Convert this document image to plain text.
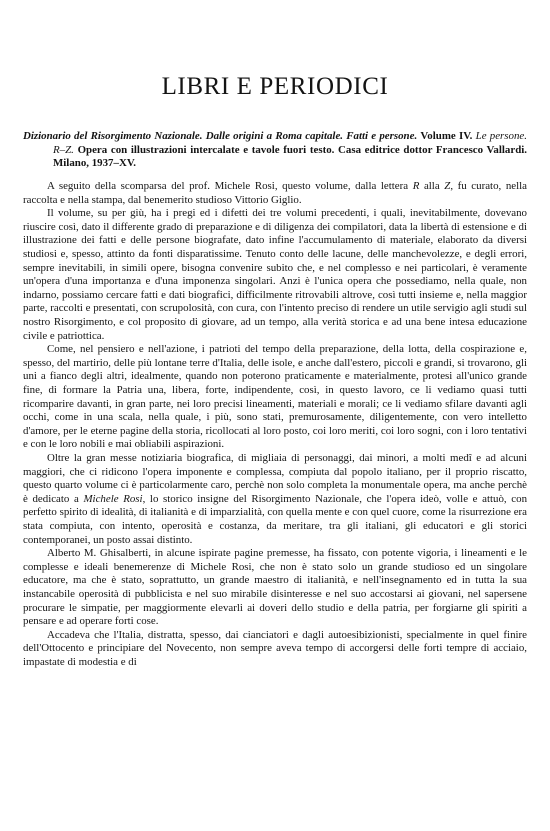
LIBRI E PERIODICI

Dizionario del Risorgimento Nazionale. Dalle origini a Roma capitale. Fatti e persone. Volume IV. Le persone. R–Z. Opera con illustrazioni intercalate e tavole fuori testo. Casa editrice dottor Francesco Vallardi. Milano, 1937–XV.

A seguito della scomparsa del prof. Michele Rosi, questo volume, dalla lettera R alla Z, fu curato, nella raccolta e nella stampa, dal benemerito studioso Vittorio Giglio.

Il volume, su per giù, ha i pregi ed i difetti dei tre volumi precedenti, i quali, inevitabilmente, dovevano riuscire così, dato il differente grado di preparazione e di diligenza dei compilatori, data la libertà di estensione e di illustrazione dei fatti e delle persone biografate, dato infine l'accumulamento di materiale, elaborato da diversi studiosi e, spesso, attinto da fonti disparatissime. Tenuto conto delle lacune, delle manchevolezze, e degli errori, sempre inevitabili, in simili opere, bisogna convenire subito che, e nel complesso e nei particolari, è veramente un'opera d'una importanza e d'una imponenza singolari. Anzi è l'unica opera che possediamo, nella quale, non indarno, possiamo cercare fatti e dati biografici, difficilmente ritrovabili altrove, così tutti insieme e, nella maggior parte, raccolti e presentati, con scrupolosità, con cura, con l'intento preciso di rendere un utile servigio agli studi sul nostro Risorgimento, e col proposito di giovare, ad un tempo, alla verità storica e ad una bene intesa educazione civile e patriottica.

Come, nel pensiero e nell'azione, i patrioti del tempo della preparazione, della lotta, della cospirazione e, spesso, del martirio, delle più lontane terre d'Italia, delle isole, e anche dall'estero, piccoli e grandi, si trovarono, gli uni a fianco degli altri, idealmente, quando non poterono praticamente e materialmente, protesi all'unico grande fine, di formare la Patria una, libera, forte, indipendente, così, in questo lavoro, ce li vediamo quasi tutti ricomparire davanti, in gran parte, nei loro precisi lineamenti, materiali e morali; ce li vediamo sfilare davanti agli occhi, come in una scala, nella quale, i più, sono stati, premurosamente, diligentemente, con vero intelletto d'amore, per le eterne pagine della storia, ricollocati al loro posto, coi loro meriti, coi loro sogni, con i loro tentativi e con le loro nobili e mai obliabili aspirazioni.

Oltre la gran messe notiziaria biografica, di migliaia di personaggi, dai minori, a molti medî e ad alcuni maggiori, che ci ridicono l'opera imponente e complessa, compiuta dal popolo italiano, per il proprio riscatto, questo quarto volume ci è particolarmente caro, perchè non solo completa la monumentale opera, ma anche perchè è dedicato a Michele Rosi, lo storico insigne del Risorgimento Nazionale, che l'opera ideò, volle e attuò, con perfetto spirito di idealità, di italianità e di imparzialità, con quella mente e con quel cuore, come la risurrezione era stata compiuta, con intento, operosità e costanza, da meritare, tra gli italiani, gli educatori e gli storici contemporanei, un posto assai distinto.

Alberto M. Ghisalberti, in alcune ispirate pagine premesse, ha fissato, con potente vigoria, i lineamenti e le complesse e ideali benemerenze di Michele Rosi, che non è stato solo un grande studioso ed un singolare educatore, ma che è stato, soprattutto, un grande maestro di italianità, e nell'insegnamento ed in tutta la sua instancabile operosità di pubblicista e nel suo mirabile disinteresse e nel suo accostarsi ai giovani, nel sapersene procurare le simpatie, per maggiormente elevarli ai doveri dello studio e della patria, per forgiarne gli spiriti a pensare e ad operare forti cose.

Accadeva che l'Italia, distratta, spesso, dai cianciatori e dagli autoesibizionisti, specialmente in quel finire dell'Ottocento e principiare del Novecento, non sempre aveva tempo di accorgersi delle forti tempre di acciaio, impastate di modestia e di
